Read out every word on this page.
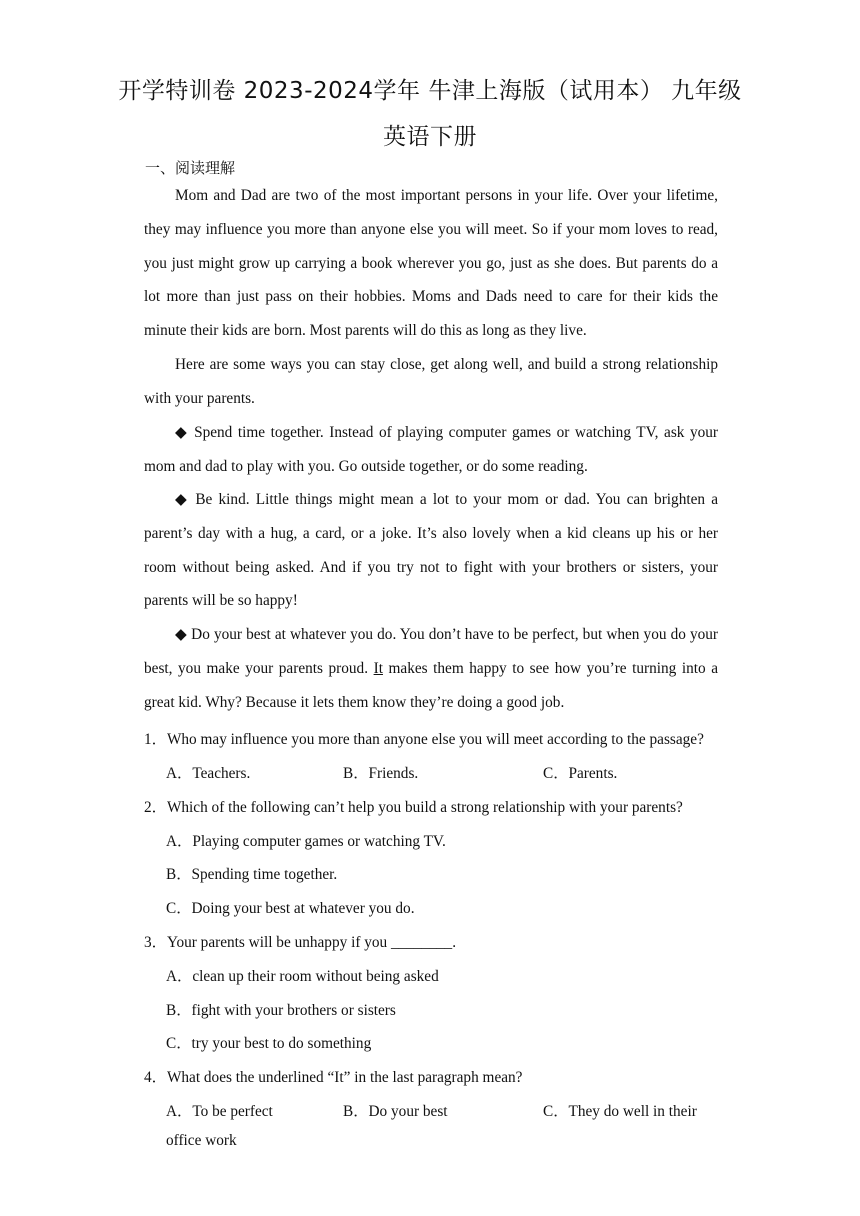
开学特训卷 2023-2024学年 牛津上海版（试用本） 九年级
英语下册
一、阅读理解

Mom and Dad are two of the most important persons in your life. Over your lifetime, they may influence you more than anyone else you will meet. So if your mom loves to read, you just might grow up carrying a book wherever you go, just as she does. But parents do a lot more than just pass on their hobbies. Moms and Dads need to care for their kids the minute their kids are born. Most parents will do this as long as they live.

Here are some ways you can stay close, get along well, and build a strong relationship with your parents.

◆ Spend time together. Instead of playing computer games or watching TV, ask your mom and dad to play with you. Go outside together, or do some reading.

◆ Be kind. Little things might mean a lot to your mom or dad. You can brighten a parent’s day with a hug, a card, or a joke. It’s also lovely when a kid cleans up his or her room without being asked. And if you try not to fight with your brothers or sisters, your parents will be so happy!

◆ Do your best at whatever you do. You don’t have to be perfect, but when you do your best, you make your parents proud. It makes them happy to see how you’re turning into a great kid. Why? Because it lets them know they’re doing a good job.

1．Who may influence you more than anyone else you will meet according to the passage?
A．Teachers.	B．Friends.	C．Parents.
2．Which of the following can’t help you build a strong relationship with your parents?
A．Playing computer games or watching TV.
B．Spending time together.
C．Doing your best at whatever you do.
3．Your parents will be unhappy if you ________.
A．clean up their room without being asked
B．fight with your brothers or sisters
C．try your best to do something
4．What does the underlined “It” in the last paragraph mean?
A．To be perfect	B．Do your best	C．They do well in their
office work
